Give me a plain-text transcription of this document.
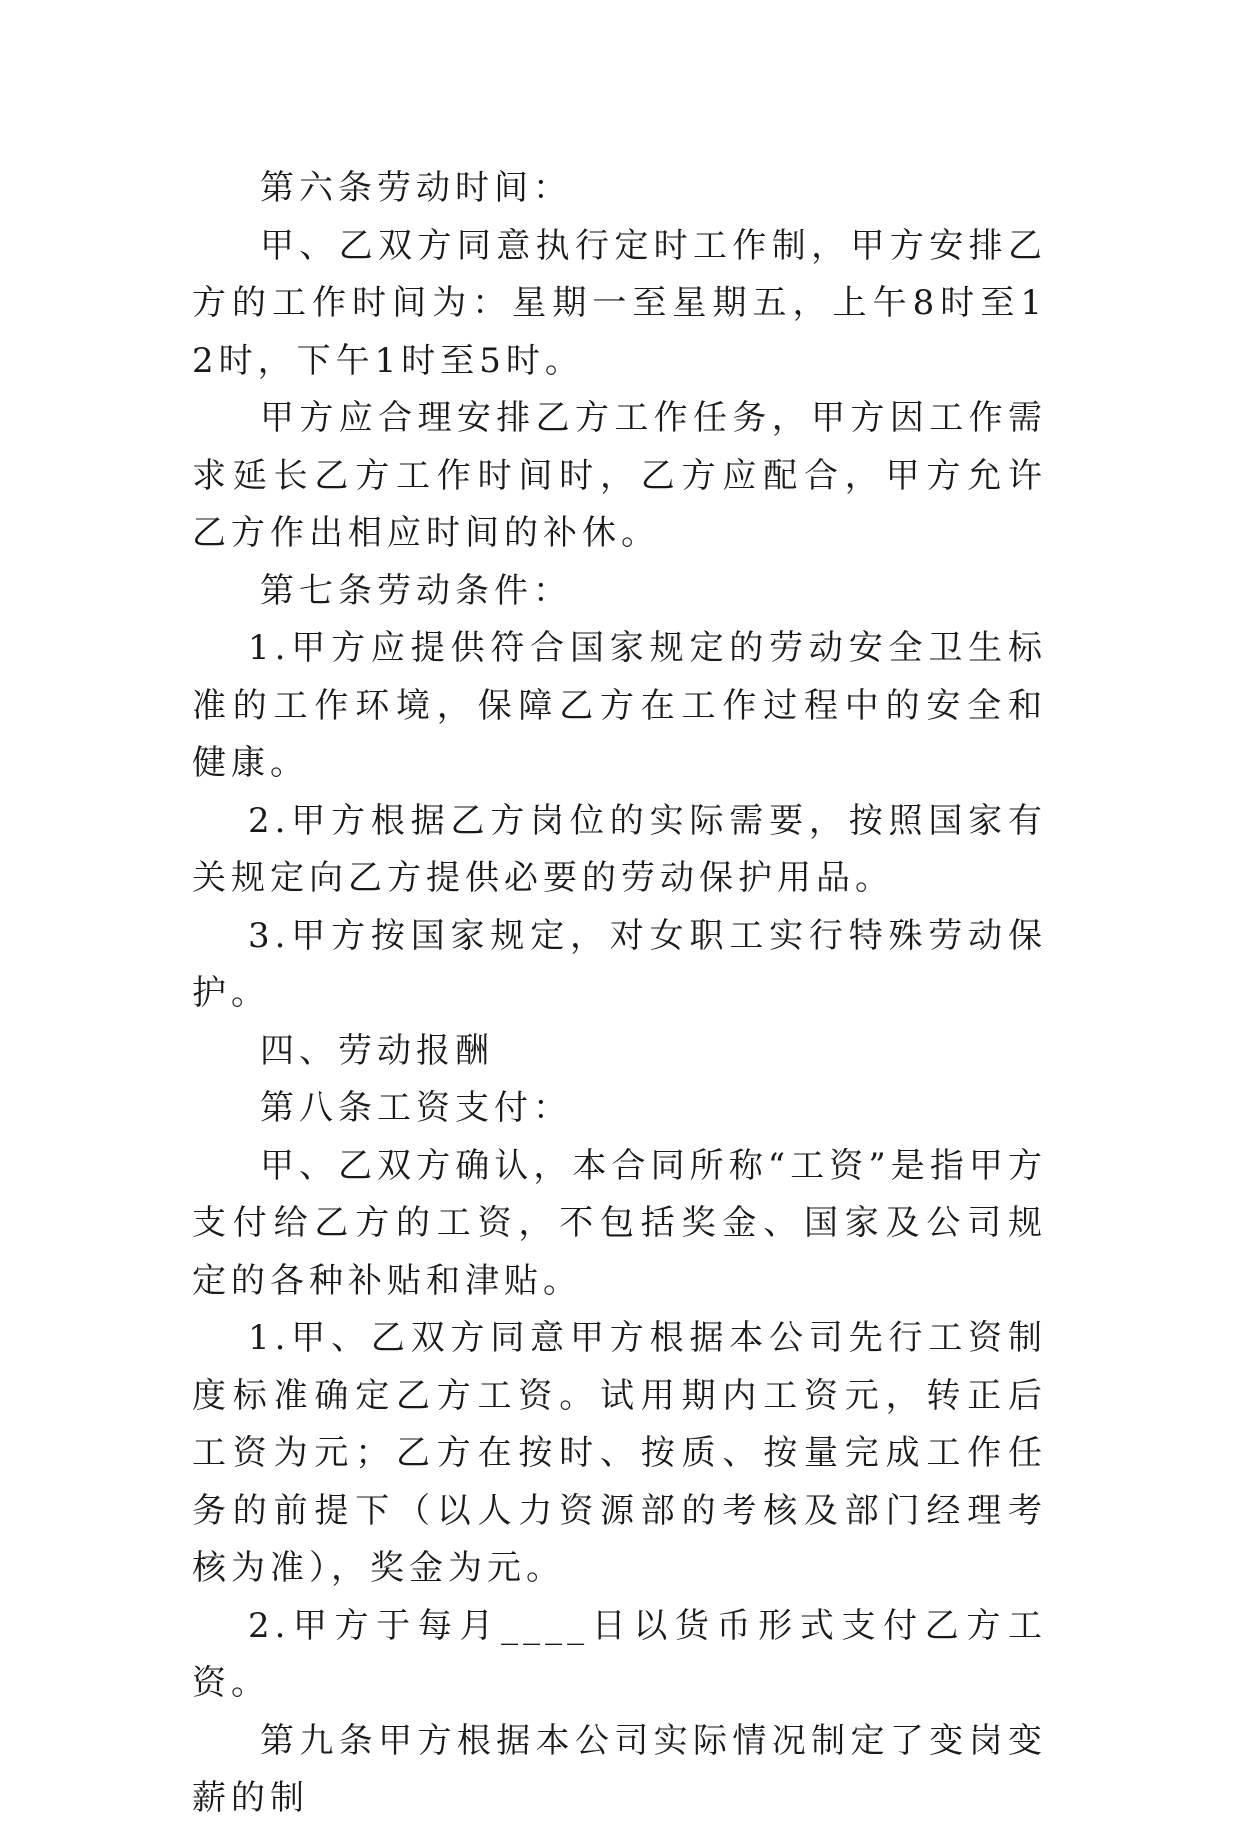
第六条劳动时间：

甲、乙双方同意执行定时工作制，甲方安排乙方的工作时间为：星期一至星期五，上午8时至12时，下午1时至5时。

甲方应合理安排乙方工作任务，甲方因工作需求延长乙方工作时间时，乙方应配合，甲方允许乙方作出相应时间的补休。

第七条劳动条件：

1.甲方应提供符合国家规定的劳动安全卫生标准的工作环境，保障乙方在工作过程中的安全和健康。

2.甲方根据乙方岗位的实际需要，按照国家有关规定向乙方提供必要的劳动保护用品。

3.甲方按国家规定，对女职工实行特殊劳动保护。

四、劳动报酬

第八条工资支付：

甲、乙双方确认，本合同所称“工资”是指甲方支付给乙方的工资，不包括奖金、国家及公司规定的各种补贴和津贴。

1.甲、乙双方同意甲方根据本公司先行工资制度标准确定乙方工资。试用期内工资元，转正后工资为元；乙方在按时、按质、按量完成工作任务的前提下（以人力资源部的考核及部门经理考核为准），奖金为元。

2.甲方于每月____日以货币形式支付乙方工资。

第九条甲方根据本公司实际情况制定了变岗变薪的制
